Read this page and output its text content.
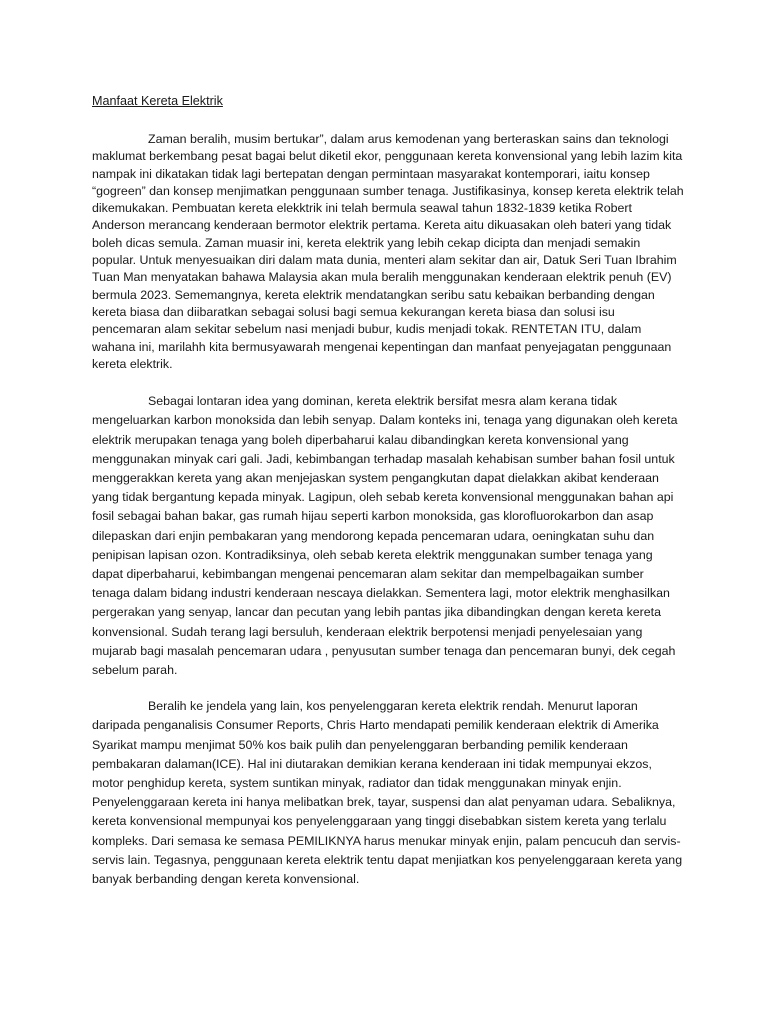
Manfaat Kereta Elektrik

Zaman beralih, musim bertukar”, dalam arus kemodenan yang berteraskan sains dan teknologi maklumat berkembang pesat bagai belut diketil ekor, penggunaan kereta konvensional yang lebih lazim kita nampak ini dikatakan tidak lagi bertepatan dengan permintaan masyarakat kontemporari, iaitu konsep “gogreen” dan konsep menjimatkan penggunaan sumber tenaga. Justifikasinya, konsep kereta elektrik telah dikemukakan. Pembuatan kereta elekktrik ini telah bermula seawal tahun 1832-1839 ketika Robert Anderson merancang kenderaan bermotor elektrik pertama. Kereta aitu dikuasakan oleh bateri yang tidak boleh dicas semula. Zaman muasir ini, kereta elektrik yang lebih cekap dicipta dan menjadi semakin popular. Untuk menyesuaikan diri dalam mata dunia, menteri alam sekitar dan air, Datuk Seri Tuan Ibrahim Tuan Man menyatakan bahawa Malaysia akan mula beralih menggunakan kenderaan elektrik penuh (EV) bermula 2023. Sememangnya, kereta elektrik mendatangkan seribu satu kebaikan berbanding dengan kereta biasa dan diibaratkan sebagai solusi bagi semua kekurangan kereta biasa dan solusi isu pencemaran alam sekitar sebelum nasi menjadi bubur, kudis menjadi tokak. RENTETAN ITU, dalam wahana ini, marilahh kita bermusyawarah mengenai kepentingan dan manfaat penyejagatan penggunaan kereta elektrik.

Sebagai lontaran idea yang dominan, kereta elektrik bersifat mesra alam kerana tidak mengeluarkan karbon monoksida dan lebih senyap. Dalam konteks ini, tenaga yang digunakan oleh kereta elektrik merupakan tenaga yang boleh diperbaharui kalau dibandingkan kereta konvensional yang menggunakan minyak cari gali. Jadi, kebimbangan terhadap masalah kehabisan sumber bahan fosil untuk menggerakkan kereta yang akan menjejaskan system pengangkutan dapat dielakkan akibat kenderaan yang tidak bergantung kepada minyak. Lagipun, oleh sebab kereta konvensional menggunakan bahan api fosil sebagai bahan bakar, gas rumah hijau seperti karbon monoksida, gas klorofluorokarbon dan asap dilepaskan dari enjin pembakaran yang mendorong kepada pencemaran udara, oeningkatan suhu dan penipisan lapisan ozon. Kontradiksinya, oleh sebab kereta elektrik menggunakan sumber tenaga yang dapat diperbaharui, kebimbangan mengenai pencemaran alam sekitar dan mempelbagaikan sumber tenaga dalam bidang industri kenderaan nescaya dielakkan. Sementera lagi, motor elektrik menghasilkan pergerakan yang senyap, lancar dan pecutan yang lebih pantas jika dibandingkan dengan kereta kereta konvensional. Sudah terang lagi bersuluh, kenderaan elektrik berpotensi menjadi penyelesaian yang mujarab bagi masalah pencemaran udara , penyusutan sumber tenaga dan pencemaran bunyi, dek cegah sebelum parah.

Beralih ke jendela yang lain, kos penyelenggaran kereta elektrik rendah. Menurut laporan daripada penganalisis Consumer Reports, Chris Harto mendapati pemilik kenderaan elektrik di Amerika Syarikat mampu menjimat 50% kos baik pulih dan penyelenggaran berbanding pemilik kenderaan pembakaran dalaman(ICE). Hal ini diutarakan demikian kerana kenderaan ini tidak mempunyai ekzos, motor penghidup kereta, system suntikan minyak, radiator dan tidak menggunakan minyak enjin. Penyelenggaraan kereta ini hanya melibatkan brek, tayar, suspensi dan alat penyaman udara. Sebaliknya, kereta konvensional mempunyai kos penyelenggaraan yang tinggi disebabkan sistem kereta yang terlalu kompleks. Dari semasa ke semasa PEMILIKNYA harus menukar minyak enjin, palam pencucuh dan servis-servis lain. Tegasnya, penggunaan kereta elektrik tentu dapat menjiatkan kos penyelenggaraan kereta yang banyak berbanding dengan kereta konvensional.
